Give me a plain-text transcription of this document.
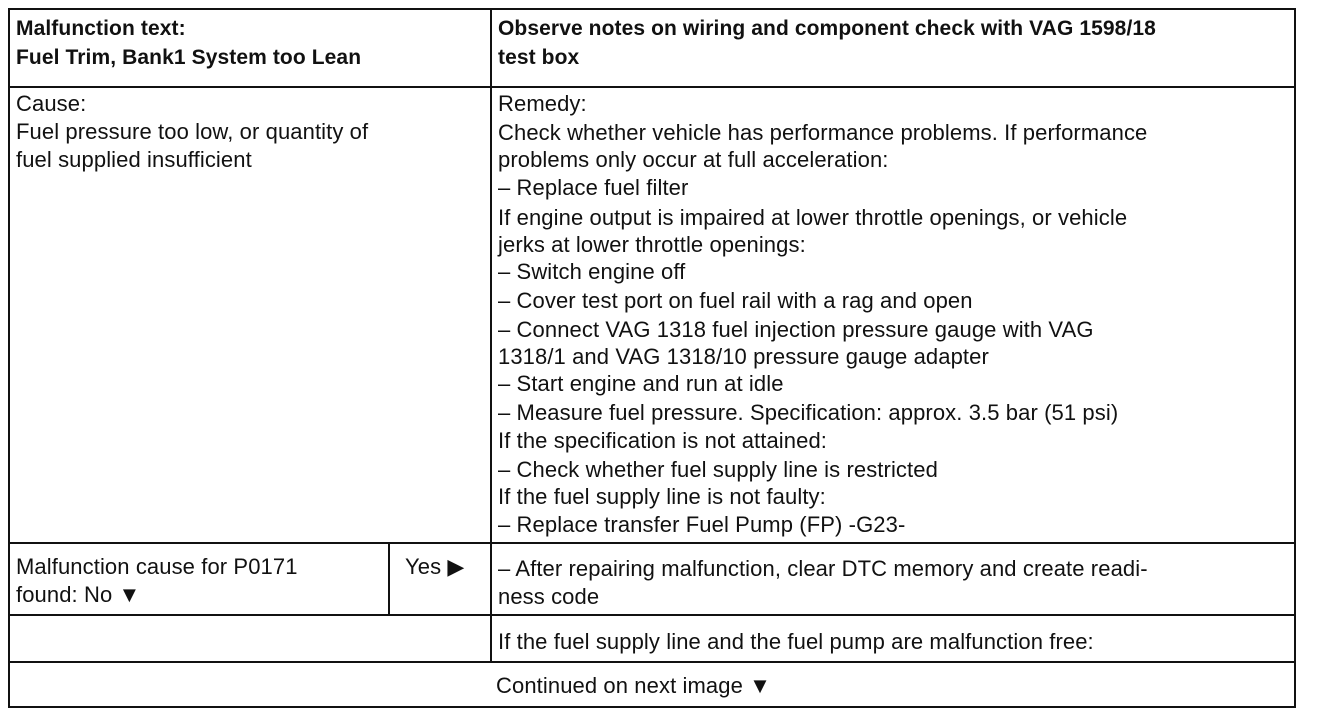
Malfunction text:
Fuel Trim, Bank1 System too Lean
Observe notes on wiring and component check with VAG 1598/18
test box
Cause:
Fuel pressure too low, or quantity of
fuel supplied insufficient
Remedy:
Check whether vehicle has performance problems. If performance
problems only occur at full acceleration:
– Replace fuel filter
If engine output is impaired at lower throttle openings, or vehicle
jerks at lower throttle openings:
– Switch engine off
– Cover test port on fuel rail with a rag and open
– Connect VAG 1318 fuel injection pressure gauge with VAG
1318/1 and VAG 1318/10 pressure gauge adapter
– Start engine and run at idle
– Measure fuel pressure. Specification: approx. 3.5 bar (51 psi)
If the specification is not attained:
– Check whether fuel supply line is restricted
If the fuel supply line is not faulty:
– Replace transfer Fuel Pump (FP) -G23-
Malfunction cause for P0171
found: No ▼
Yes ▶ – After repairing malfunction, clear DTC memory and create readi-
ness code
If the fuel supply line and the fuel pump are malfunction free:
Continued on next image ▼
